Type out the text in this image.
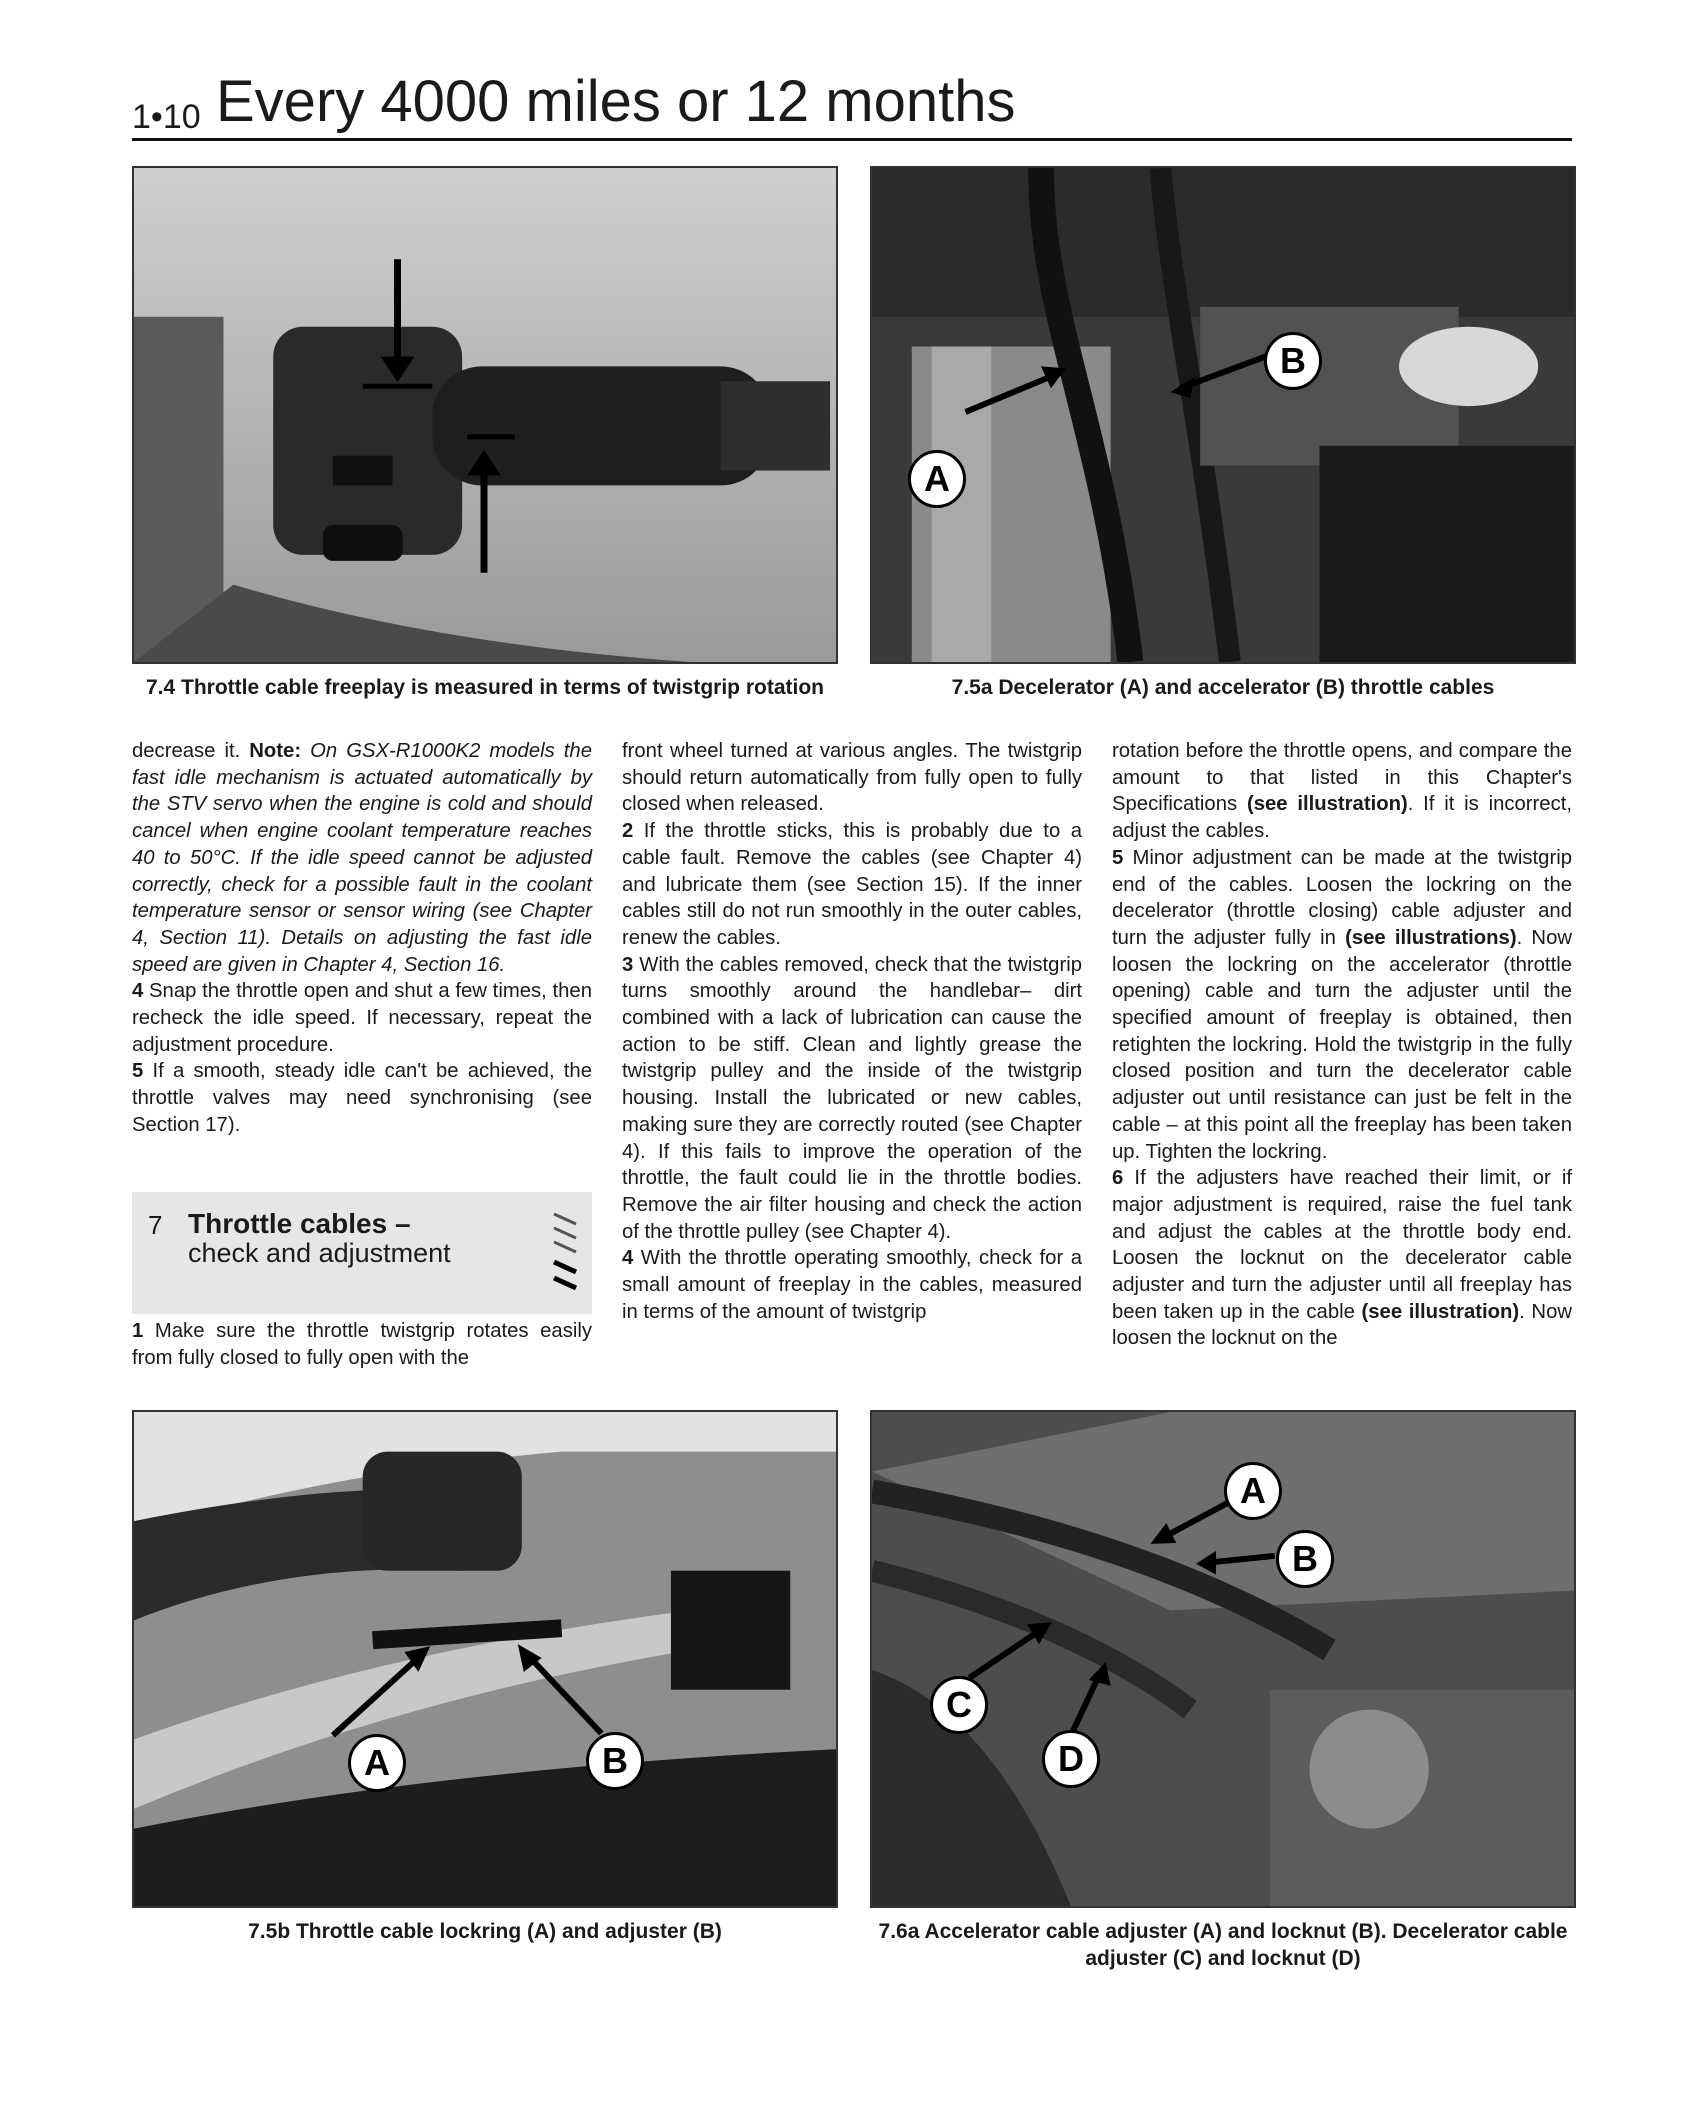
1•10 Every 4000 miles or 12 months
7.4 Throttle cable freeplay is measured in terms of twistgrip rotation
A
B
7.5a Decelerator (A) and accelerator (B) throttle cables

decrease it. Note: On GSX-R1000K2 models the fast idle mechanism is actuated automatically by the STV servo when the engine is cold and should cancel when engine coolant temperature reaches 40 to 50°C. If the idle speed cannot be adjusted correctly, check for a possible fault in the coolant temperature sensor or sensor wiring (see Chapter 4, Section 11). Details on adjusting the fast idle speed are given in Chapter 4, Section 16.

4 Snap the throttle open and shut a few times, then recheck the idle speed. If necessary, repeat the adjustment procedure.

5 If a smooth, steady idle can't be achieved, the throttle valves may need synchronising (see Section 17).

7 Throttle cables –
check and adjustment

1 Make sure the throttle twistgrip rotates easily from fully closed to fully open with the

front wheel turned at various angles. The twistgrip should return automatically from fully open to fully closed when released.

2 If the throttle sticks, this is probably due to a cable fault. Remove the cables (see Chapter 4) and lubricate them (see Section 15). If the inner cables still do not run smoothly in the outer cables, renew the cables.

3 With the cables removed, check that the twistgrip turns smoothly around the handlebar– dirt combined with a lack of lubrication can cause the action to be stiff. Clean and lightly grease the twistgrip pulley and the inside of the twistgrip housing. Install the lubricated or new cables, making sure they are correctly routed (see Chapter 4). If this fails to improve the operation of the throttle, the fault could lie in the throttle bodies. Remove the air filter housing and check the action of the throttle pulley (see Chapter 4).

4 With the throttle operating smoothly, check for a small amount of freeplay in the cables, measured in terms of the amount of twistgrip

rotation before the throttle opens, and compare the amount to that listed in this Chapter's Specifications (see illustration). If it is incorrect, adjust the cables.

5 Minor adjustment can be made at the twistgrip end of the cables. Loosen the lockring on the decelerator (throttle closing) cable adjuster and turn the adjuster fully in (see illustrations). Now loosen the lockring on the accelerator (throttle opening) cable and turn the adjuster until the specified amount of freeplay is obtained, then retighten the lockring. Hold the twistgrip in the fully closed position and turn the decelerator cable adjuster out until resistance can just be felt in the cable – at this point all the freeplay has been taken up. Tighten the lockring.

6 If the adjusters have reached their limit, or if major adjustment is required, raise the fuel tank and adjust the cables at the throttle body end. Loosen the locknut on the decelerator cable adjuster and turn the adjuster until all freeplay has been taken up in the cable (see illustration). Now loosen the locknut on the

A	B
7.5b Throttle cable lockring (A) and adjuster (B)
A
B
C
D
7.6a Accelerator cable adjuster (A) and locknut (B). Decelerator cable adjuster (C) and locknut (D)
